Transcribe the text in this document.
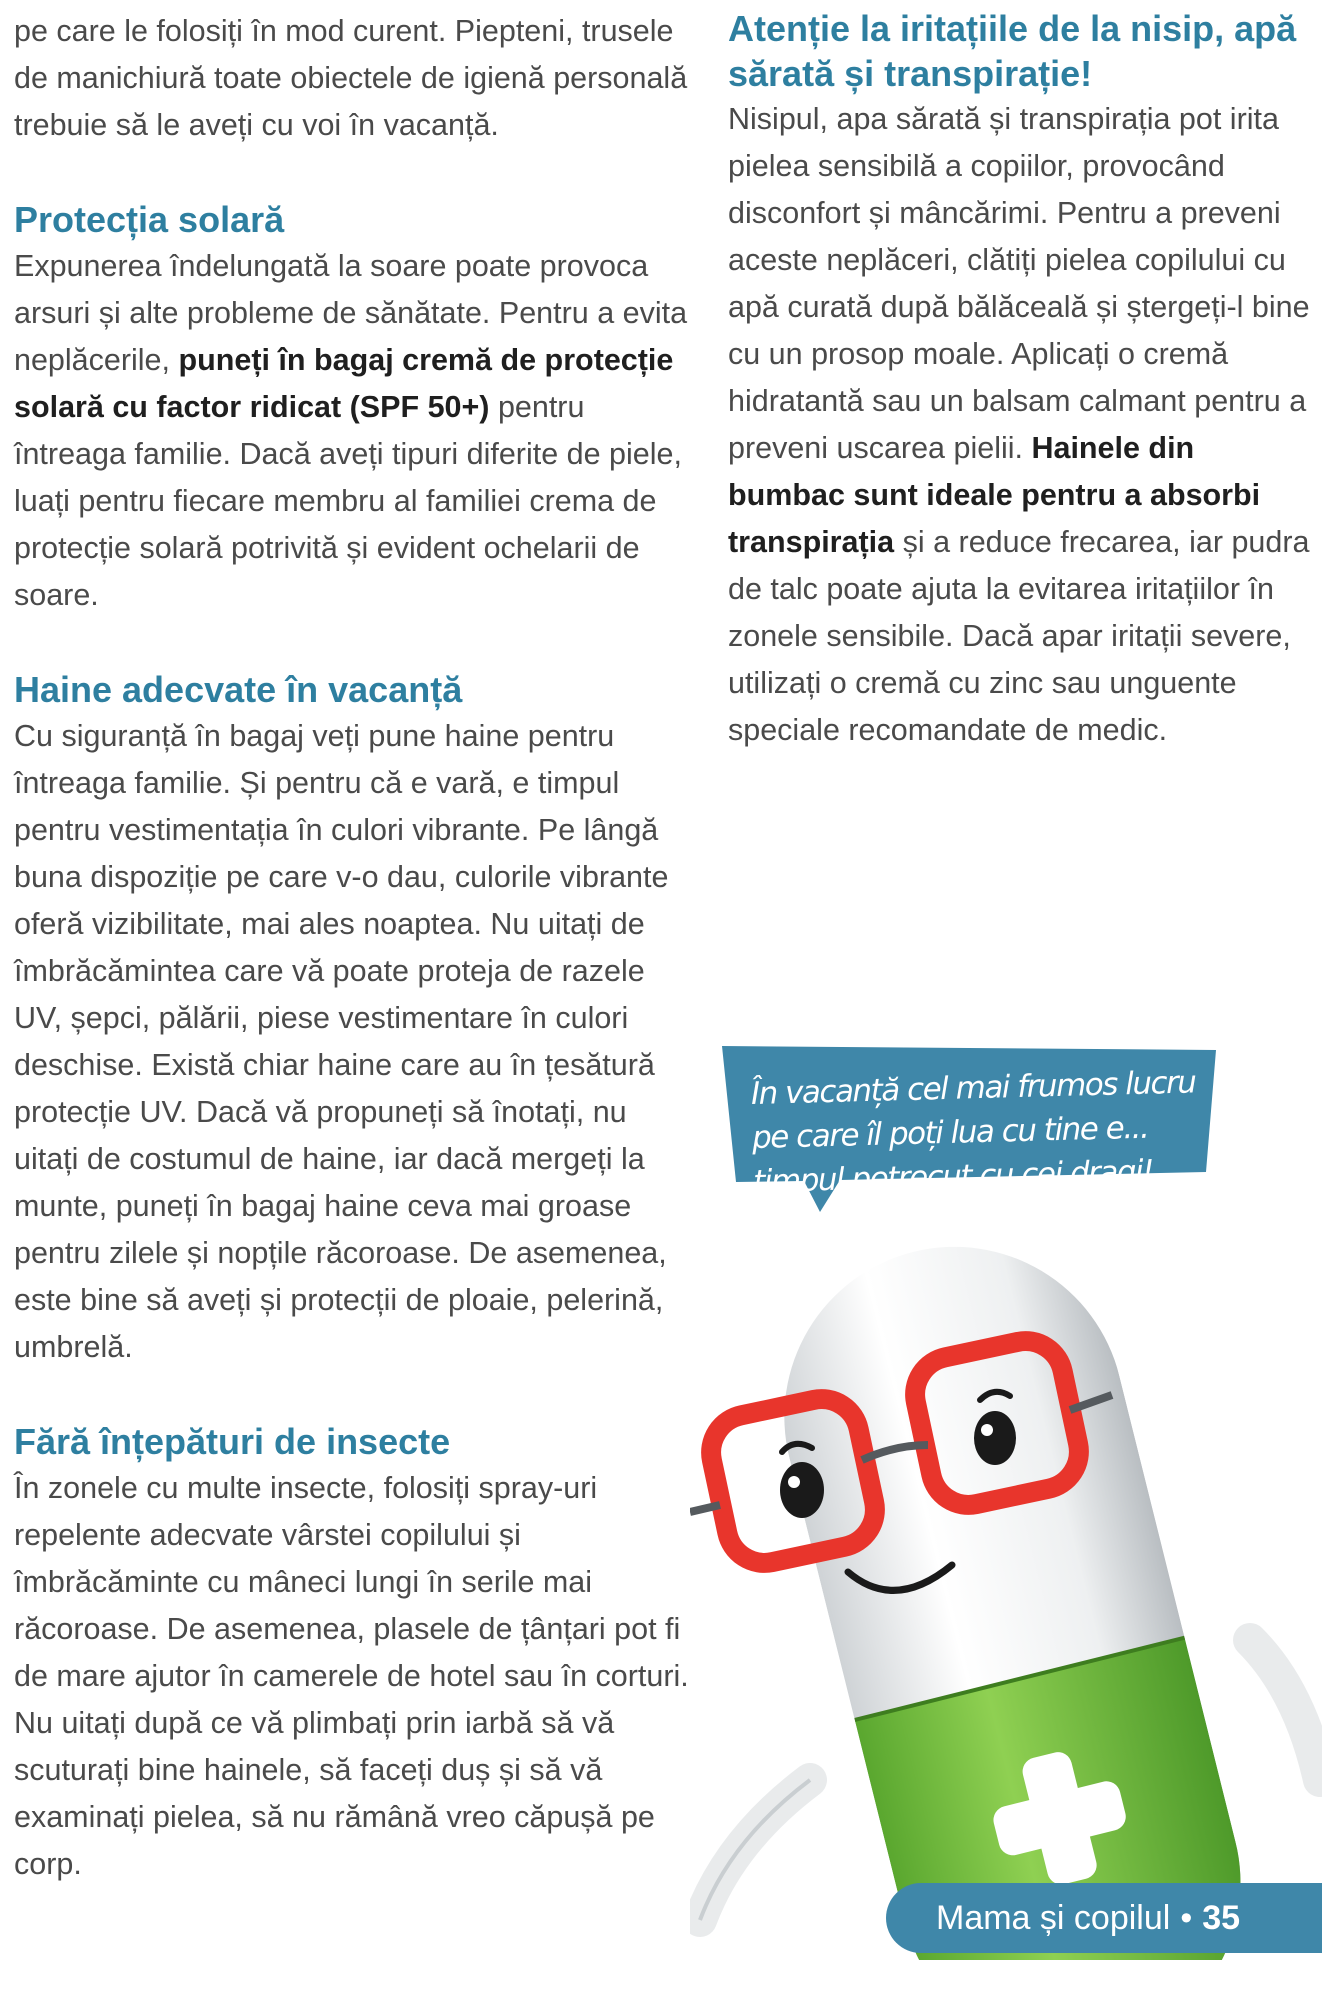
pe care le folosiți în mod curent. Piepteni, trusele de manichiură toate obiectele de igienă personală trebuie să le aveți cu voi în vacanță.

Protecția solară

Expunerea îndelungată la soare poate provoca arsuri și alte probleme de sănătate. Pentru a evita neplăcerile, puneți în bagaj cremă de protecție solară cu factor ridicat (SPF 50+) pentru întreaga familie. Dacă aveți tipuri diferite de piele, luați pentru fiecare membru al familiei crema de protecție solară potrivită și evident ochelarii de soare.

Haine adecvate în vacanță

Cu siguranță în bagaj veți pune haine pentru întreaga familie. Și pentru că e vară, e timpul pentru vestimentația în culori vibrante. Pe lângă buna dispoziție pe care v-o dau, culorile vibrante oferă vizibilitate, mai ales noaptea. Nu uitați de îmbrăcămintea care vă poate proteja de razele UV, șepci, pălării, piese vestimentare în culori deschise. Există chiar haine care au în țesătură protecție UV. Dacă vă propuneți să înotați, nu uitați de costumul de haine, iar dacă mergeți la munte, puneți în bagaj haine ceva mai groase pentru zilele și nopțile răcoroase. De asemenea, este bine să aveți și protecții de ploaie, pelerină, umbrelă.

Fără înțepături de insecte

În zonele cu multe insecte, folosiți spray-uri repelente adecvate vârstei copilului și îmbrăcăminte cu mâneci lungi în serile mai răcoroase. De asemenea, plasele de țânțari pot fi de mare ajutor în camerele de hotel sau în corturi. Nu uitați după ce vă plimbați prin iarbă să vă scuturați bine hainele, să faceți duș și să vă examinați pielea, să nu rămână vreo căpușă pe corp.

Atenție la iritațiile de la nisip, apă sărată și transpirație!

Nisipul, apa sărată și transpirația pot irita pielea sensibilă a copiilor, provocând disconfort și mâncărimi. Pentru a preveni aceste neplăceri, clătiți pielea copilului cu apă curată după bălăceală și ștergeți-l bine cu un prosop moale. Aplicați o cremă hidratantă sau un balsam calmant pentru a preveni uscarea pielii. Hainele din bumbac sunt ideale pentru a absorbi transpirația și a reduce frecarea, iar pudra de talc poate ajuta la evitarea iritațiilor în zonele sensibile. Dacă apar iritații severe, utilizați o cremă cu zinc sau unguente speciale recomandate de medic.

În vacanță cel mai frumos lucru
pe care îl poți lua cu tine e...
timpul petrecut cu cei dragi!
Mama și copilul • 35
